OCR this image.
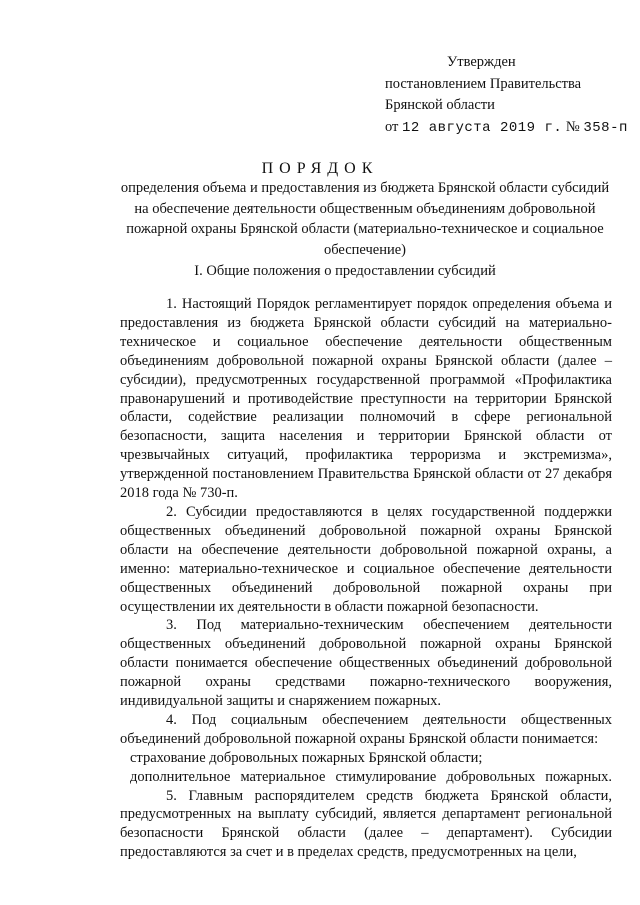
Утвержден
постановлением Правительства
Брянской области
от 12 августа 2019 г. № 358-п
ПОРЯДОК
определения объема и предоставления из бюджета Брянской области субсидий на обеспечение деятельности общественным объединениям добровольной пожарной охраны Брянской области (материально-техническое и социальное обеспечение)
I. Общие положения о предоставлении субсидий

1. Настоящий Порядок регламентирует порядок определения объема и предоставления из бюджета Брянской области субсидий на материально-техническое и социальное обеспечение деятельности общественным объединениям добровольной пожарной охраны Брянской области (далее – субсидии), предусмотренных государственной программой «Профилактика правонарушений и противодействие преступности на территории Брянской области, содействие реализации полномочий в сфере региональной безопасности, защита населения и территории Брянской области от чрезвычайных ситуаций, профилактика терроризма и экстремизма», утвержденной постановлением Правительства Брянской области от 27 декабря 2018 года № 730-п.

2. Субсидии предоставляются в целях государственной поддержки общественных объединений добровольной пожарной охраны Брянской области на обеспечение деятельности добровольной пожарной охраны, а именно: материально-техническое и социальное обеспечение деятельности общественных объединений добровольной пожарной охраны при осуществлении их деятельности в области пожарной безопасности.

3. Под материально-техническим обеспечением деятельности общественных объединений добровольной пожарной охраны Брянской области понимается обеспечение общественных объединений добровольной пожарной охраны средствами пожарно-технического вооружения, индивидуальной защиты и снаряжением пожарных.

4. Под социальным обеспечением деятельности общественных объединений добровольной пожарной охраны Брянской области понимается:

страхование добровольных пожарных Брянской области;

дополнительное материальное стимулирование добровольных пожарных.

5. Главным распорядителем средств бюджета Брянской области, предусмотренных на выплату субсидий, является департамент региональной безопасности Брянской области (далее – департамент). Субсидии предоставляются за счет и в пределах средств, предусмотренных на цели,
